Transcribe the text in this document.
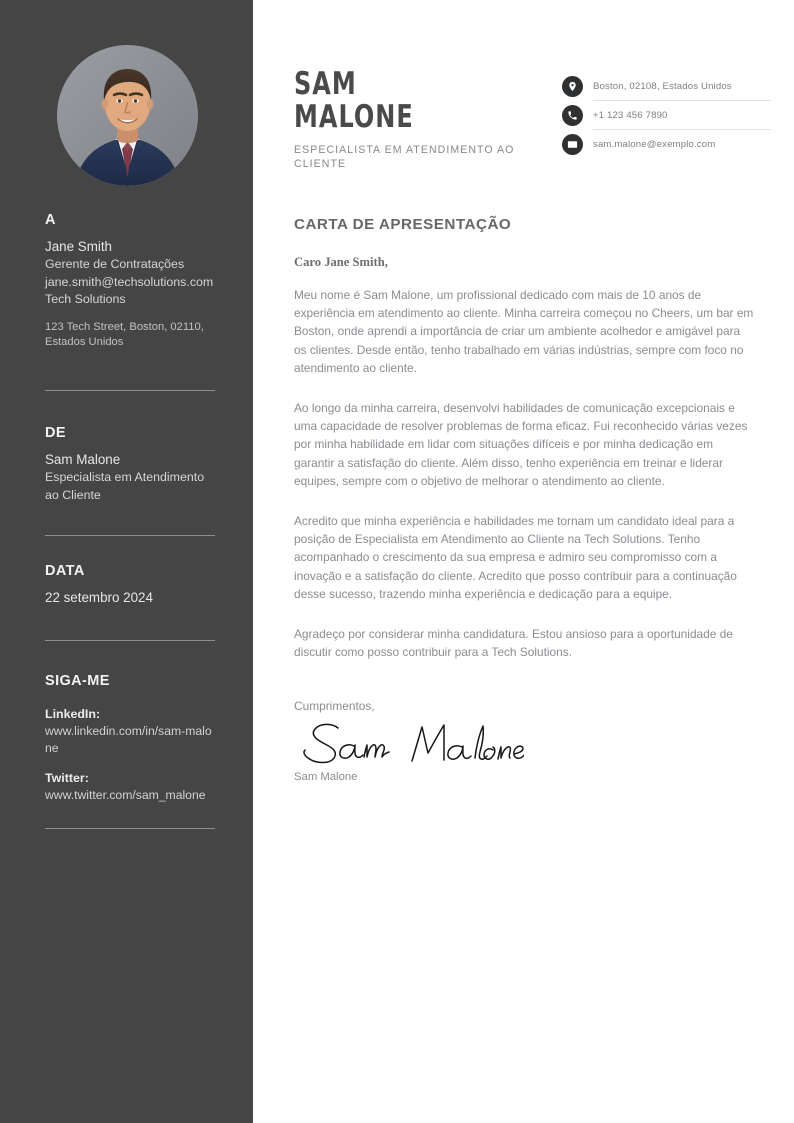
A

Jane Smith

Gerente de Contratações

jane.smith@techsolutions.com

Tech Solutions

123 Tech Street, Boston, 02110, Estados Unidos

DE

Sam Malone

Especialista em Atendimento ao Cliente

DATA

22 setembro 2024

SIGA-ME

LinkedIn:

www.linkedin.com/in/sam-malone

Twitter:

www.twitter.com/sam_malone

SAM

MALONE

ESPECIALISTA EM ATENDIMENTO AO CLIENTE

Boston, 02108, Estados Unidos
+1 123 456 7890
sam.malone@exemplo.com
CARTA DE APRESENTAÇÃO

Caro Jane Smith,

Meu nome é Sam Malone, um profissional dedicado com mais de 10 anos de experiência em atendimento ao cliente. Minha carreira começou no Cheers, um bar em Boston, onde aprendi a importância de criar um ambiente acolhedor e amigável para os clientes. Desde então, tenho trabalhado em várias indústrias, sempre com foco no atendimento ao cliente.

Ao longo da minha carreira, desenvolvi habilidades de comunicação excepcionais e uma capacidade de resolver problemas de forma eficaz. Fui reconhecido várias vezes por minha habilidade em lidar com situações difíceis e por minha dedicação em garantir a satisfação do cliente. Além disso, tenho experiência em treinar e liderar equipes, sempre com o objetivo de melhorar o atendimento ao cliente.

Acredito que minha experiência e habilidades me tornam um candidato ideal para a posição de Especialista em Atendimento ao Cliente na Tech Solutions. Tenho acompanhado o crescimento da sua empresa e admiro seu compromisso com a inovação e a satisfação do cliente. Acredito que posso contribuir para a continuação desse sucesso, trazendo minha experiência e dedicação para a equipe.

Agradeço por considerar minha candidatura. Estou ansioso para a oportunidade de discutir como posso contribuir para a Tech Solutions.

Cumprimentos,

Sam Malone
